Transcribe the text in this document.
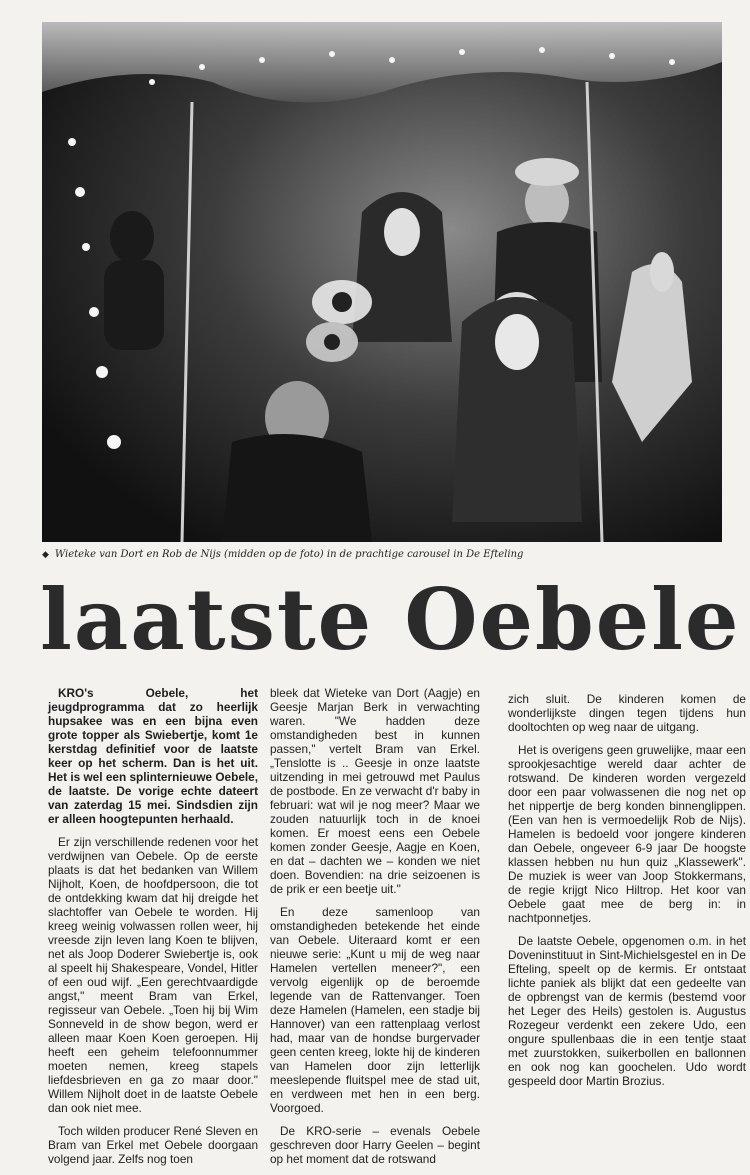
◆ Wieteke van Dort en Rob de Nijs (midden op de foto) in de prachtige carousel in De Efteling
laatste Oebele

KRO's Oebele, het jeugdprogramma dat zo heerlijk hupsakee was en een bijna even grote topper als Swiebertje, komt 1e kerstdag definitief voor de laatste keer op het scherm. Dan is het uit. Het is wel een splinternieuwe Oebele, de laatste. De vorige echte dateert van zaterdag 15 mei. Sindsdien zijn er alleen hoogtepunten herhaald.

Er zijn verschillende redenen voor het verdwijnen van Oebele. Op de eerste plaats is dat het bedanken van Willem Nijholt, Koen, de hoofdpersoon, die tot de ontdekking kwam dat hij dreigde het slachtoffer van Oebele te worden. Hij kreeg weinig volwassen rollen weer, hij vreesde zijn leven lang Koen te blijven, net als Joop Doderer Swiebertje is, ook al speelt hij Shakespeare, Vondel, Hitler of een oud wijf. „Een gerechtvaardigde angst," meent Bram van Erkel, regisseur van Oebele. „Toen hij bij Wim Sonneveld in de show begon, werd er alleen maar Koen Koen geroepen. Hij heeft een geheim telefoonnummer moeten nemen, kreeg stapels liefdesbrieven en ga zo maar door." Willem Nijholt doet in de laatste Oebele dan ook niet mee.

Toch wilden producer René Sleven en Bram van Erkel met Oebele doorgaan volgend jaar. Zelfs nog toen

bleek dat Wieteke van Dort (Aagje) en Geesje Marjan Berk in verwachting waren. "We hadden deze omstandigheden best in kunnen passen," vertelt Bram van Erkel. „Tenslotte is .. Geesje in onze laatste uitzending in mei getrouwd met Paulus de postbode. En ze verwacht d'r baby in februari: wat wil je nog meer? Maar we zouden natuurlijk toch in de knoei komen. Er moest eens een Oebele komen zonder Geesje, Aagje en Koen, en dat – dachten we – konden we niet doen. Bovendien: na drie seizoenen is de prik er een beetje uit."

En deze samenloop van omstandigheden betekende het einde van Oebele. Uiteraard komt er een nieuwe serie: „Kunt u mij de weg naar Hamelen vertellen meneer?", een vervolg eigenlijk op de beroemde legende van de Rattenvanger. Toen deze Hamelen (Hamelen, een stadje bij Hannover) van een rattenplaag verlost had, maar van de hondse burgervader geen centen kreeg, lokte hij de kinderen van Hamelen door zijn letterlijk meeslepende fluitspel mee de stad uit, en verdween met hen in een berg. Voorgoed.

De KRO-serie – evenals Oebele geschreven door Harry Geelen – begint op het moment dat de rotswand

zich sluit. De kinderen komen de wonderlijkste dingen tegen tijdens hun dooltochten op weg naar de uitgang.

Het is overigens geen gruwelijke, maar een sprookjesachtige wereld daar achter de rotswand. De kinderen worden vergezeld door een paar volwassenen die nog net op het nippertje de berg konden binnenglippen. (Een van hen is vermoedelijk Rob de Nijs). Hamelen is bedoeld voor jongere kinderen dan Oebele, ongeveer 6-9 jaar De hoogste klassen hebben nu hun quiz „Klassewerk". De muziek is weer van Joop Stokkermans, de regie krijgt Nico Hiltrop. Het koor van Oebele gaat mee de berg in: in nachtponnetjes.

De laatste Oebele, opgenomen o.m. in het Doveninstituut in Sint-Michielsgestel en in De Efteling, speelt op de kermis. Er ontstaat lichte paniek als blijkt dat een gedeelte van de opbrengst van de kermis (bestemd voor het Leger des Heils) gestolen is. Augustus Rozegeur verdenkt een zekere Udo, een ongure spullenbaas die in een tentje staat met zuurstokken, suikerbollen en ballonnen en ook nog kan goochelen. Udo wordt gespeeld door Martin Brozius.
